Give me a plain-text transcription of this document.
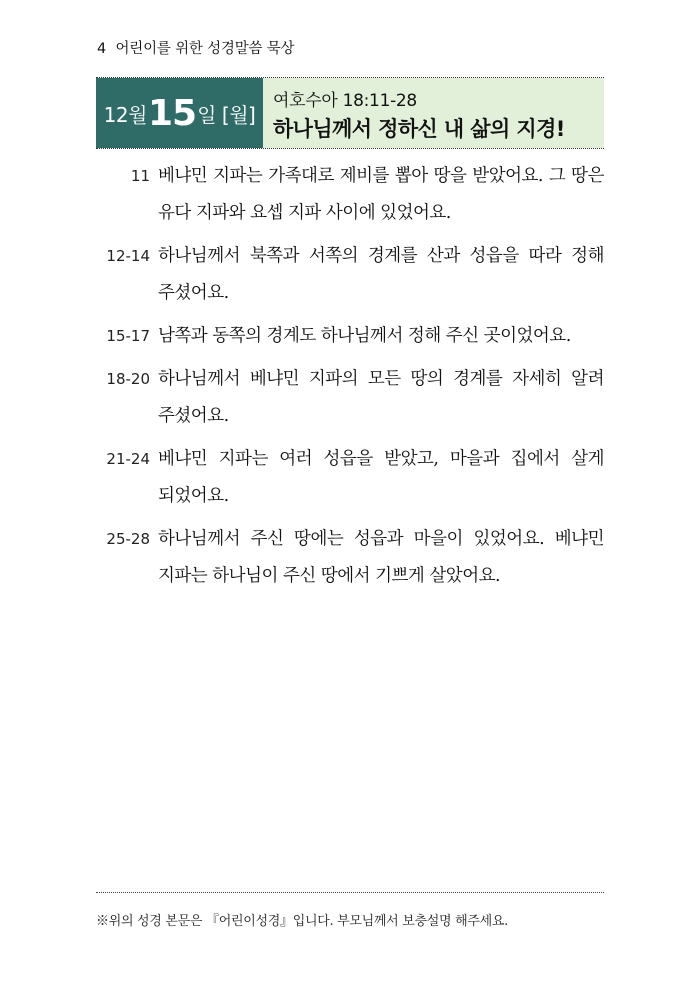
4 어린이를 위한 성경말씀 묵상
12월 15 일 [월]
여호수아 18:11-28
하나님께서 정하신 내 삶의 지경!
11 베냐민 지파는 가족대로 제비를 뽑아 땅을 받았어요. 그 땅은 유다 지파와 요셉 지파 사이에 있었어요.
12-14 하나님께서 북쪽과 서쪽의 경계를 산과 성읍을 따라 정해 주셨어요.
15-17 남쪽과 동쪽의 경계도 하나님께서 정해 주신 곳이었어요.
18-20 하나님께서 베냐민 지파의 모든 땅의 경계를 자세히 알려 주셨어요.
21-24 베냐민 지파는 여러 성읍을 받았고, 마을과 집에서 살게 되었어요.
25-28 하나님께서 주신 땅에는 성읍과 마을이 있었어요. 베냐민 지파는 하나님이 주신 땅에서 기쁘게 살았어요.
※위의 성경 본문은 『어린이성경』입니다. 부모님께서 보충설명 해주세요.
